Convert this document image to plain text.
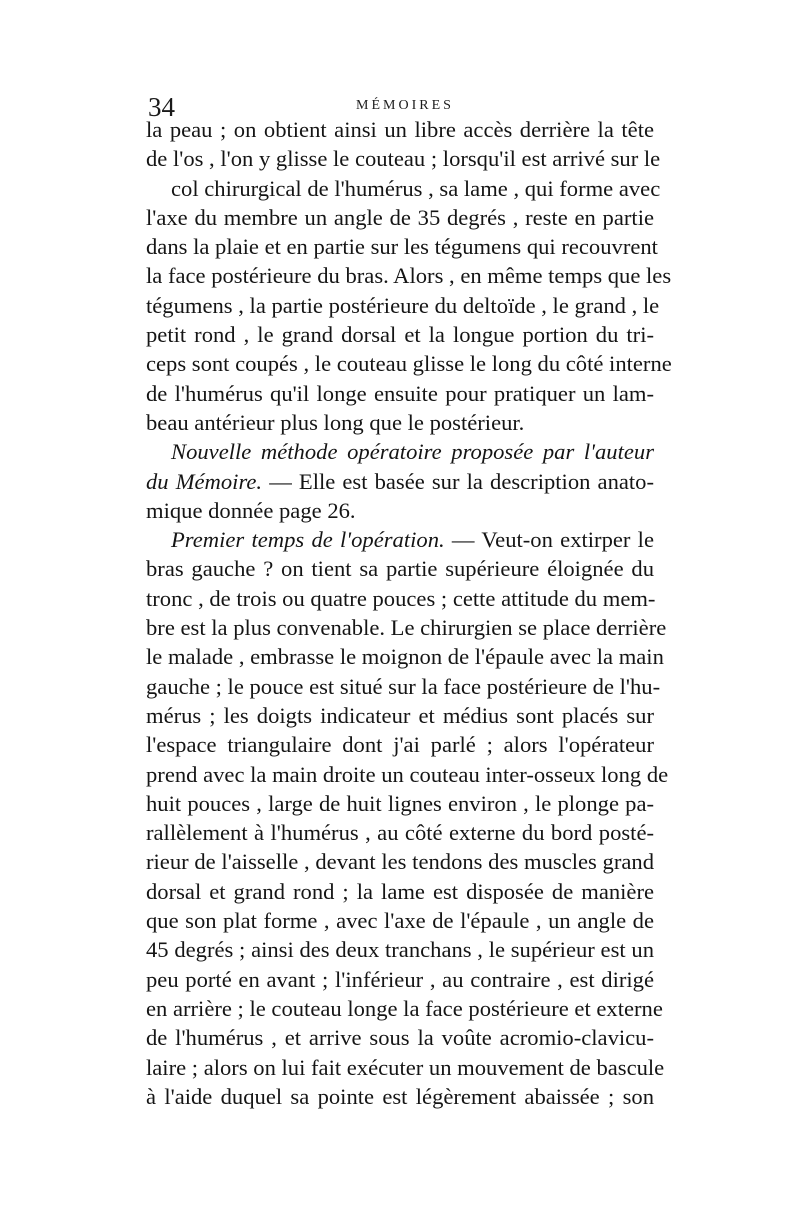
34	MÉMOIRES
la peau ; on obtient ainsi un libre accès derrière la tête
de l'os , l'on y glisse le couteau ; lorsqu'il est arrivé sur le
col chirurgical de l'humérus , sa lame , qui forme avec
l'axe du membre un angle de 35 degrés , reste en partie
dans la plaie et en partie sur les tégumens qui recouvrent
la face postérieure du bras. Alors , en même temps que les
tégumens , la partie postérieure du deltoïde , le grand , le
petit rond , le grand dorsal et la longue portion du tri-
ceps sont coupés , le couteau glisse le long du côté interne
de l'humérus qu'il longe ensuite pour pratiquer un lam-
beau antérieur plus long que le postérieur.
Nouvelle méthode opératoire proposée par l'auteur
du Mémoire. — Elle est basée sur la description anato-
mique donnée page 26.
Premier temps de l'opération. — Veut-on extirper le
bras gauche ? on tient sa partie supérieure éloignée du
tronc , de trois ou quatre pouces ; cette attitude du mem-
bre est la plus convenable. Le chirurgien se place derrière
le malade , embrasse le moignon de l'épaule avec la main
gauche ; le pouce est situé sur la face postérieure de l'hu-
mérus ; les doigts indicateur et médius sont placés sur
l'espace triangulaire dont j'ai parlé ; alors l'opérateur
prend avec la main droite un couteau inter-osseux long de
huit pouces , large de huit lignes environ , le plonge pa-
rallèlement à l'humérus , au côté externe du bord posté-
rieur de l'aisselle , devant les tendons des muscles grand
dorsal et grand rond ; la lame est disposée de manière
que son plat forme , avec l'axe de l'épaule , un angle de
45 degrés ; ainsi des deux tranchans , le supérieur est un
peu porté en avant ; l'inférieur , au contraire , est dirigé
en arrière ; le couteau longe la face postérieure et externe
de l'humérus , et arrive sous la voûte acromio-clavicu-
laire ; alors on lui fait exécuter un mouvement de bascule
à l'aide duquel sa pointe est légèrement abaissée ; son
